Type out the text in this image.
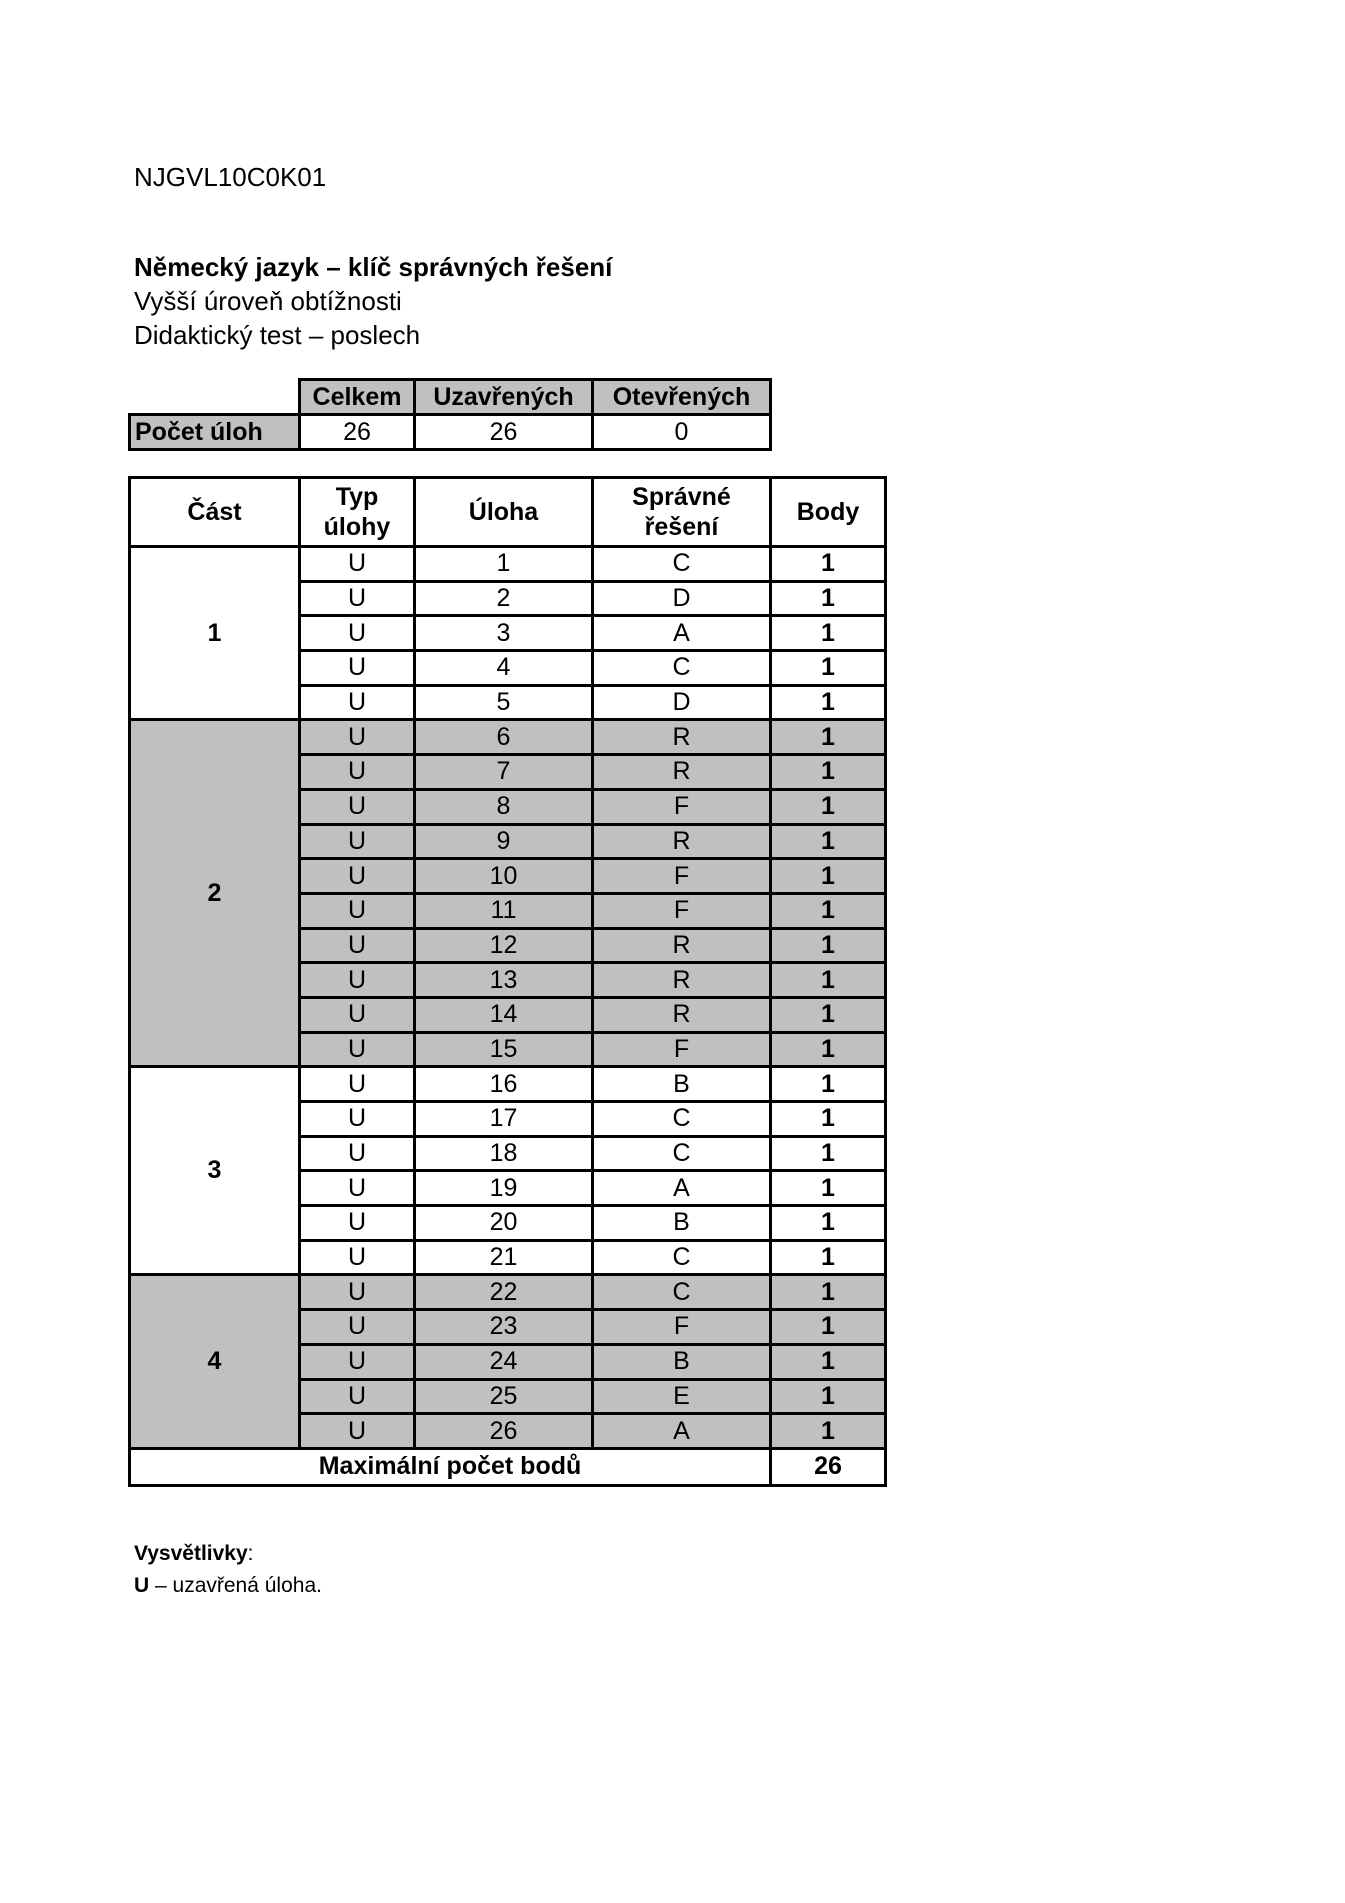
NJGVL10C0K01
Německý jazyk – klíč správných řešení
Vyšší úroveň obtížnosti
Didaktický test – poslech
	Celkem	Uzavřených	Otevřených
Počet úloh	26	26	0
Část	Typ úlohy	Úloha	Správné řešení	Body
1	U	1	C	1
	U	2	D	1
	U	3	A	1
	U	4	C	1
	U	5	D	1
2	U	6	R	1
	U	7	R	1
	U	8	F	1
	U	9	R	1
	U	10	F	1
	U	11	F	1
	U	12	R	1
	U	13	R	1
	U	14	R	1
	U	15	F	1
3	U	16	B	1
	U	17	C	1
	U	18	C	1
	U	19	A	1
	U	20	B	1
	U	21	C	1
4	U	22	C	1
	U	23	F	1
	U	24	B	1
	U	25	E	1
	U	26	A	1
Maximální počet bodů				26
Vysvětlivky:
U – uzavřená úloha.
